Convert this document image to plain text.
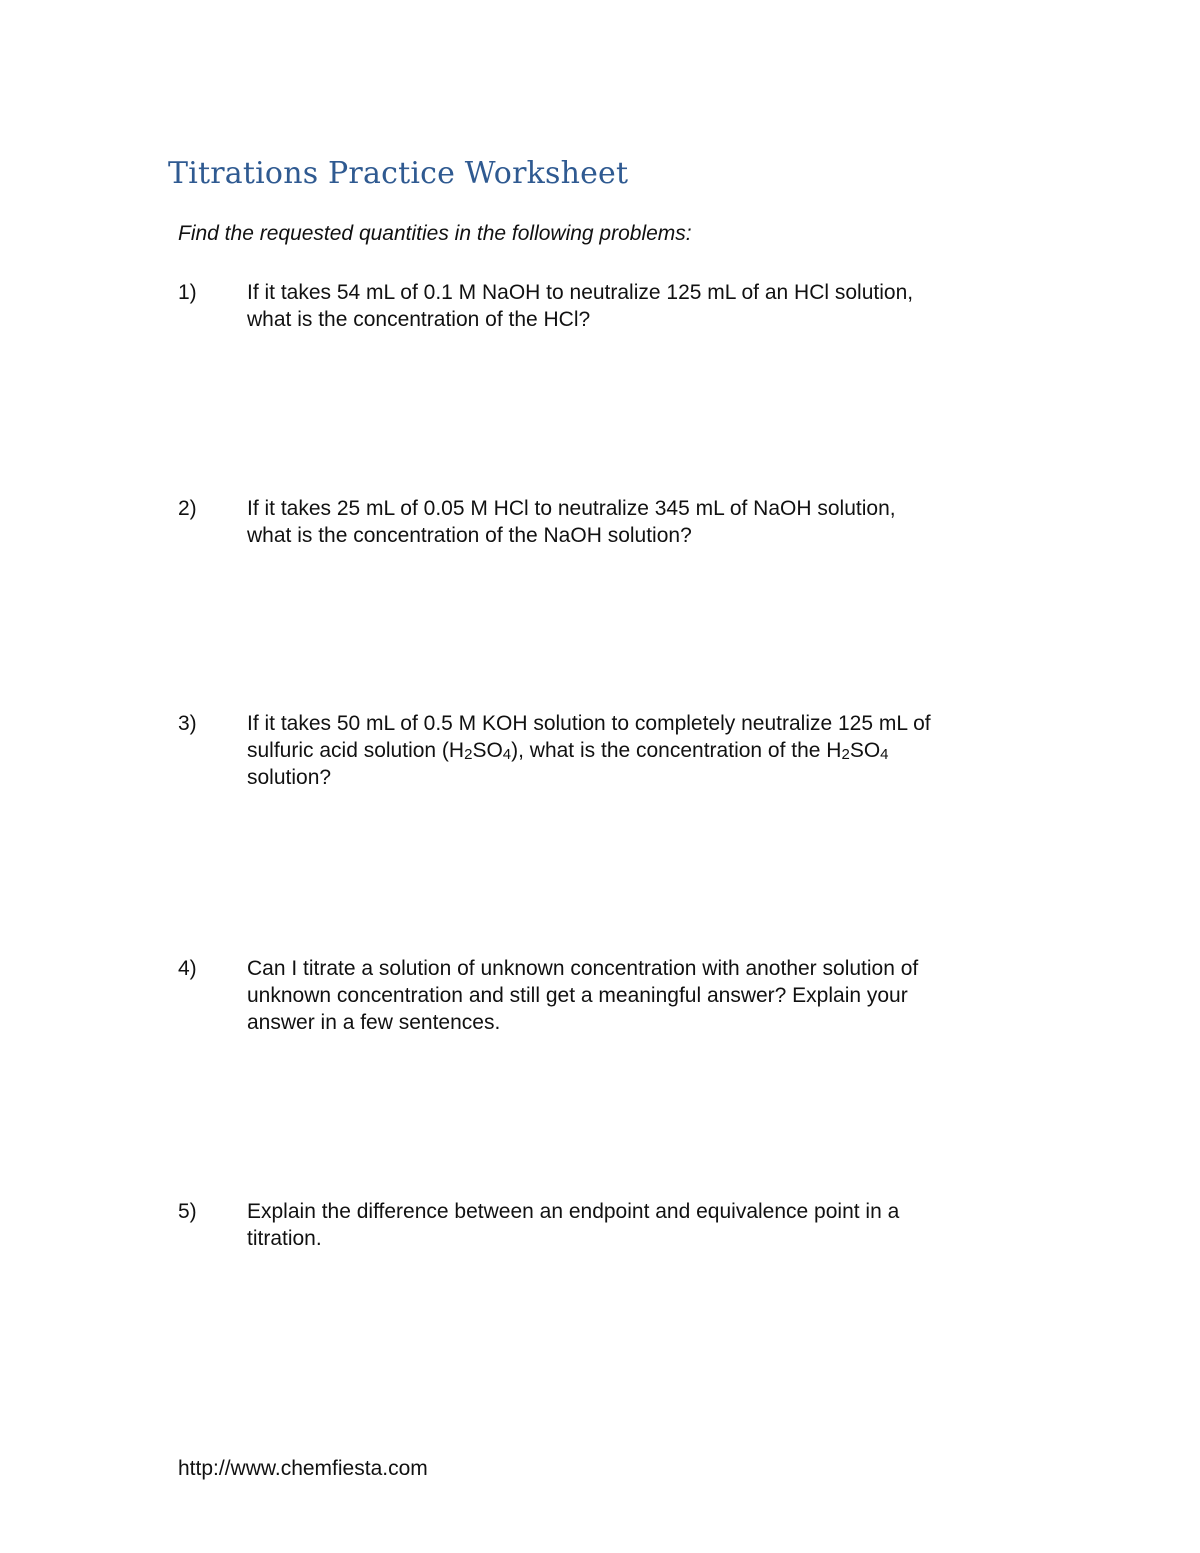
Titrations Practice Worksheet
Find the requested quantities in the following problems:
1)	If it takes 54 mL of 0.1 M NaOH to neutralize 125 mL of an HCl solution,
what is the concentration of the HCl?
2)	If it takes 25 mL of 0.05 M HCl to neutralize 345 mL of NaOH solution,
what is the concentration of the NaOH solution?
3)	If it takes 50 mL of 0.5 M KOH solution to completely neutralize 125 mL of
sulfuric acid solution $(H_2SO_4)$, what is the concentration of the $H_2SO_4$
solution?
4)	Can I titrate a solution of unknown concentration with another solution of
unknown concentration and still get a meaningful answer? Explain your
answer in a few sentences.
5)	Explain the difference between an endpoint and equivalence point in a
titration.
http://www.chemfiesta.com
